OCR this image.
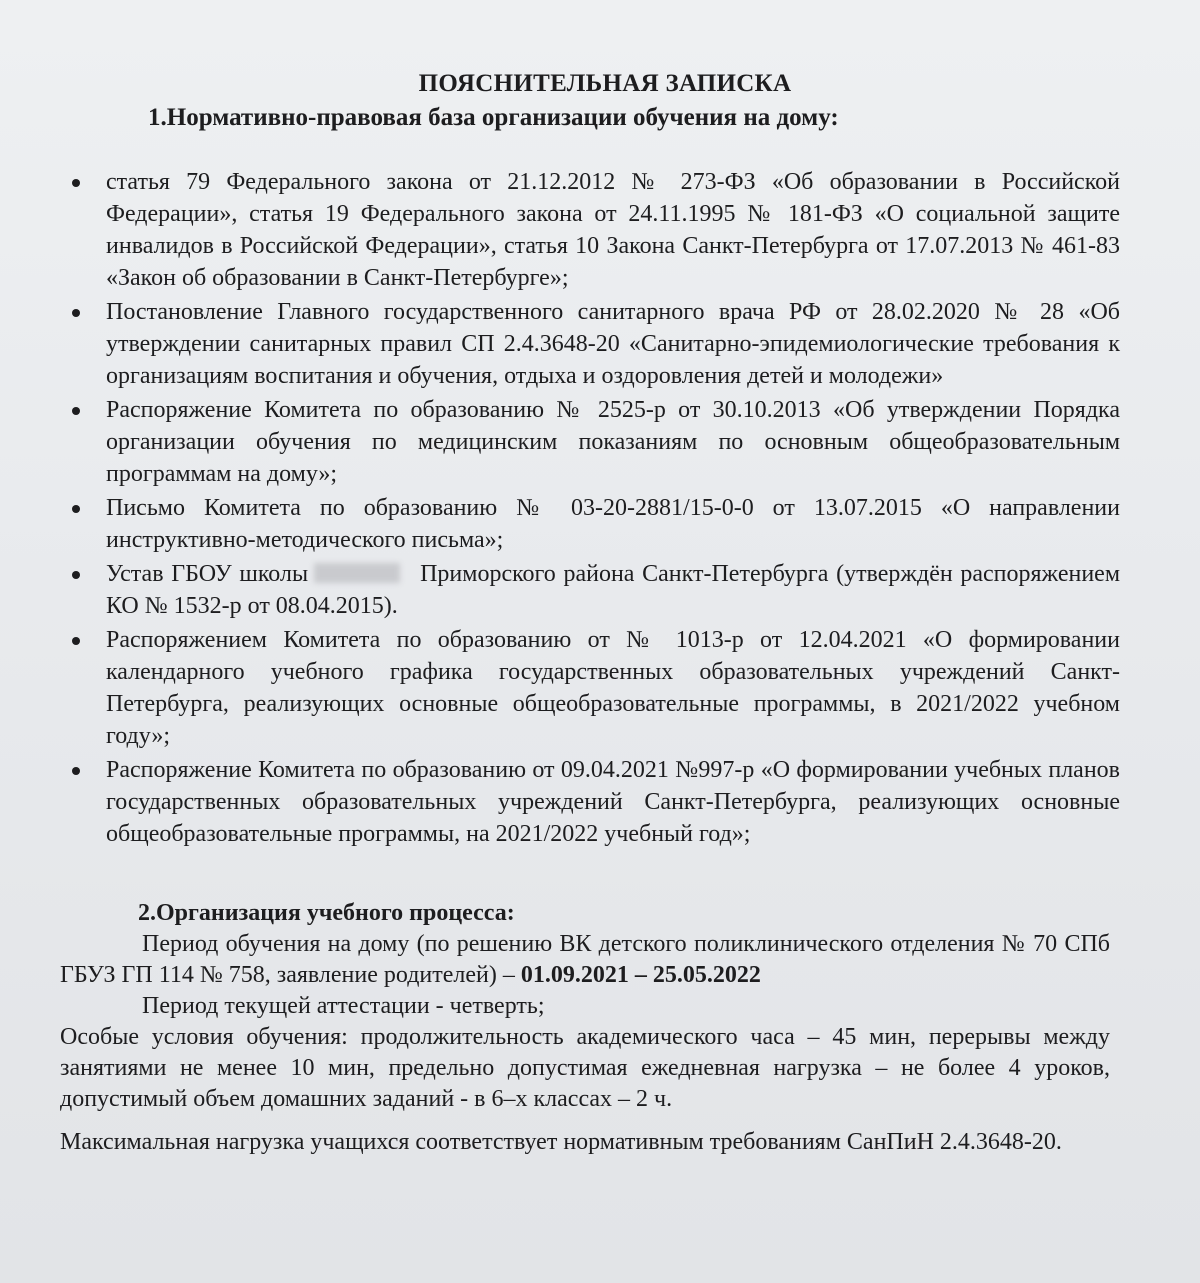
ПОЯСНИТЕЛЬНАЯ ЗАПИСКА
1.Нормативно-правовая база организации обучения на дому:
статья 79 Федерального закона от 21.12.2012 № 273-ФЗ «Об образовании в Российской Федерации», статья 19 Федерального закона от 24.11.1995 № 181-ФЗ «О социальной защите инвалидов в Российской Федерации», статья 10 Закона Санкт-Петербурга от 17.07.2013 № 461-83 «Закон об образовании в Санкт-Петербурге»;
Постановление Главного государственного санитарного врача РФ от 28.02.2020 № 28 «Об утверждении санитарных правил СП 2.4.3648-20 «Санитарно-эпидемиологические требования к организациям воспитания и обучения, отдыха и оздоровления детей и молодежи»
Распоряжение Комитета по образованию № 2525-р от 30.10.2013 «Об утверждении Порядка организации обучения по медицинским показаниям по основным общеобразовательным программам на дому»;
Письмо Комитета по образованию № 03-20-2881/15-0-0 от 13.07.2015 «О направлении инструктивно-методического письма»;
Устав ГБОУ школы	Приморского района Санкт-Петербурга (утверждён распоряжением КО № 1532-р от 08.04.2015).
Распоряжением Комитета по образованию от № 1013-р от 12.04.2021 «О формировании календарного учебного графика государственных образовательных учреждений Санкт-Петербурга, реализующих основные общеобразовательные программы, в 2021/2022 учебном году»;
Распоряжение Комитета по образованию от 09.04.2021 №997-р «О формировании учебных планов государственных образовательных учреждений Санкт-Петербурга, реализующих основные общеобразовательные программы, на 2021/2022 учебный год»;

2.Организация учебного процесса:

Период обучения на дому (по решению ВК детского поликлинического отделения № 70 СПб ГБУЗ ГП 114 № 758, заявление родителей) – 01.09.2021 – 25.05.2022

Период текущей аттестации - четверть;

Особые условия обучения: продолжительность академического часа – 45 мин, перерывы между занятиями не менее 10 мин, предельно допустимая ежедневная нагрузка – не более 4 уроков, допустимый объем домашних заданий - в 6–х классах – 2 ч.

Максимальная нагрузка учащихся соответствует нормативным требованиям СанПиН 2.4.3648-20.
